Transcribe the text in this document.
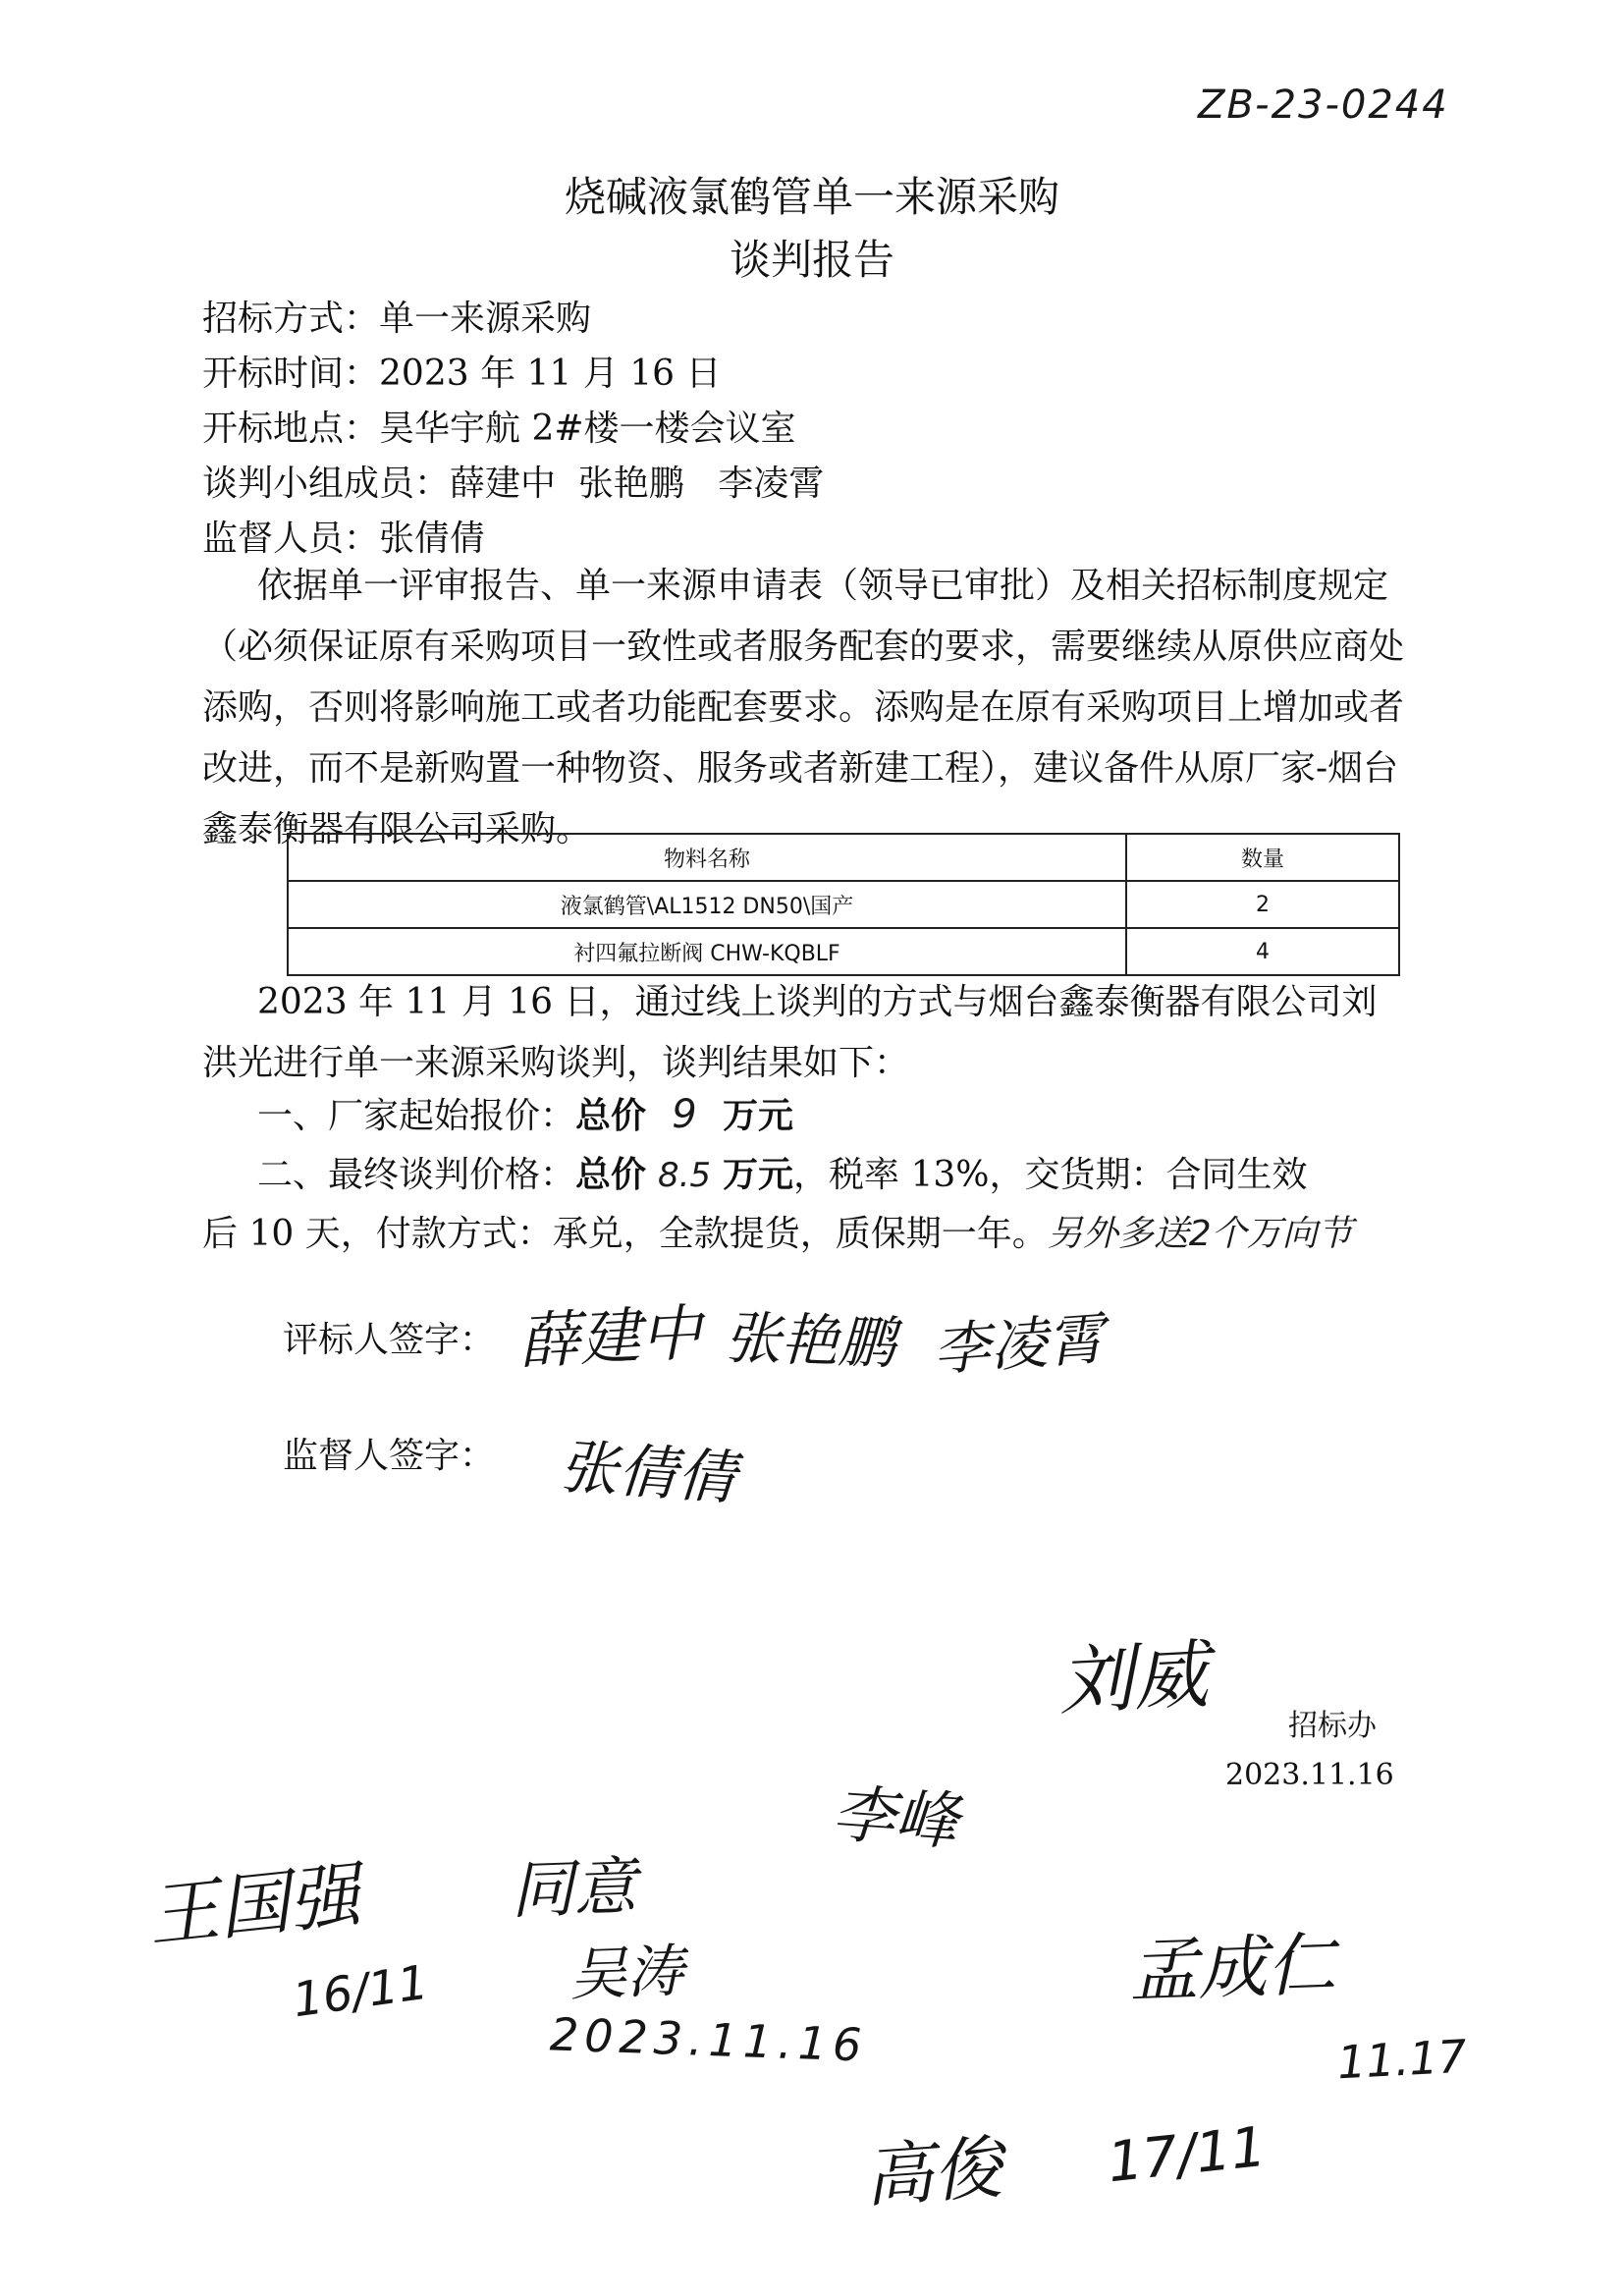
ZB-23-0244
烧碱液氯鹤管单一来源采购
谈判报告
招标方式：单一来源采购
开标时间：2023 年 11 月 16 日
开标地点：昊华宇航 2#楼一楼会议室
谈判小组成员：薛建中  张艳鹏   李凌霄
监督人员：张倩倩

依据单一评审报告、单一来源申请表（领导已审批）及相关招标制度规定（必须保证原有采购项目一致性或者服务配套的要求，需要继续从原供应商处添购，否则将影响施工或者功能配套要求。添购是在原有采购项目上增加或者改进，而不是新购置一种物资、服务或者新建工程），建议备件从原厂家-烟台鑫泰衡器有限公司采购。

物料名称	数量
液氯鹤管\AL1512 DN50\国产	2
衬四氟拉断阀 CHW-KQBLF	4

2023 年 11 月 16 日，通过线上谈判的方式与烟台鑫泰衡器有限公司刘洪光进行单一来源采购谈判，谈判结果如下：

一、厂家起始报价：总价 9 万元
二、最终谈判价格：总价 8.5 万元，税率 13%，交货期：合同生效
后 10 天，付款方式：承兑，全款提货，质保期一年。另外多送2个万向节
评标人签字： 薛建中 张艳鹏 李凌霄
监督人签字： 张倩倩
刘威
招标办
2023.11.16
王国强
16/11
同意
吴涛
2023.11.16
李峰
孟成仁
11.17
高俊 17/11
